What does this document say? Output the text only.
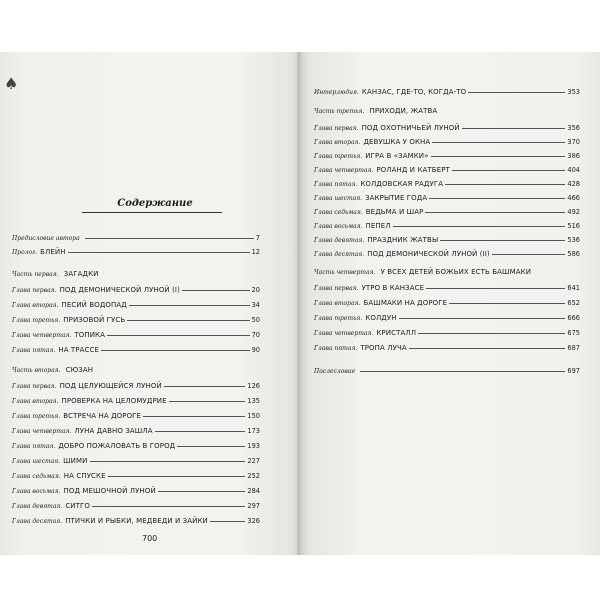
♠
Содержание
Предисловие автора	7
Пролог. БЛЕЙН	12
Часть первая. ЗАГАДКИ
Глава первая. ПОД ДЕМОНИЧЕСКОЙ ЛУНОЙ (I)	20
Глава вторая. ПЕСИЙ ВОДОПАД	34
Глава третья. ПРИЗОВОЙ ГУСЬ	50
Глава четвертая. ТОПИКА	70
Глава пятая. НА ТРАССЕ	90
Часть вторая. СЮЗАН
Глава первая. ПОД ЦЕЛУЮЩЕЙСЯ ЛУНОЙ	126
Глава вторая. ПРОВЕРКА НА ЦЕЛОМУДРИЕ	135
Глава третья. ВСТРЕЧА НА ДОРОГЕ	150
Глава четвертая. ЛУНА ДАВНО ЗАШЛА	173
Глава пятая. ДОБРО ПОЖАЛОВАТЬ В ГОРОД	193
Глава шестая. ШИМИ	227
Глава седьмая. НА СПУСКЕ	252
Глава восьмая. ПОД МЕШОЧНОЙ ЛУНОЙ	284
Глава девятая. СИТГО	297
Глава десятая. ПТИЧКИ И РЫБКИ, МЕДВЕДИ И ЗАЙКИ	326
700
Интерлюдия. КАНЗАС, ГДЕ-ТО, КОГДА-ТО	353
Часть третья. ПРИХОДИ, ЖАТВА
Глава первая. ПОД ОХОТНИЧЬЕЙ ЛУНОЙ	356
Глава вторая. ДЕВУШКА У ОКНА	370
Глава третья. ИГРА В «ЗАМКИ»	386
Глава четвертая. РОЛАНД И КАТБЕРТ	404
Глава пятая. КОЛДОВСКАЯ РАДУГА	428
Глава шестая. ЗАКРЫТИЕ ГОДА	466
Глава седьмая. ВЕДЬМА И ШАР	492
Глава восьмая. ПЕПЕЛ	516
Глава девятая. ПРАЗДНИК ЖАТВЫ	536
Глава десятая. ПОД ДЕМОНИЧЕСКОЙ ЛУНОЙ (II)	586
Часть четвертая. У ВСЕХ ДЕТЕЙ БОЖЬИХ ЕСТЬ БАШМАКИ
Глава первая. УТРО В КАНЗАСЕ	641
Глава вторая. БАШМАКИ НА ДОРОГЕ	652
Глава третья. КОЛДУН	666
Глава четвертая. КРИСТАЛЛ	675
Глава пятая. ТРОПА ЛУЧА	687
Послесловие	697
